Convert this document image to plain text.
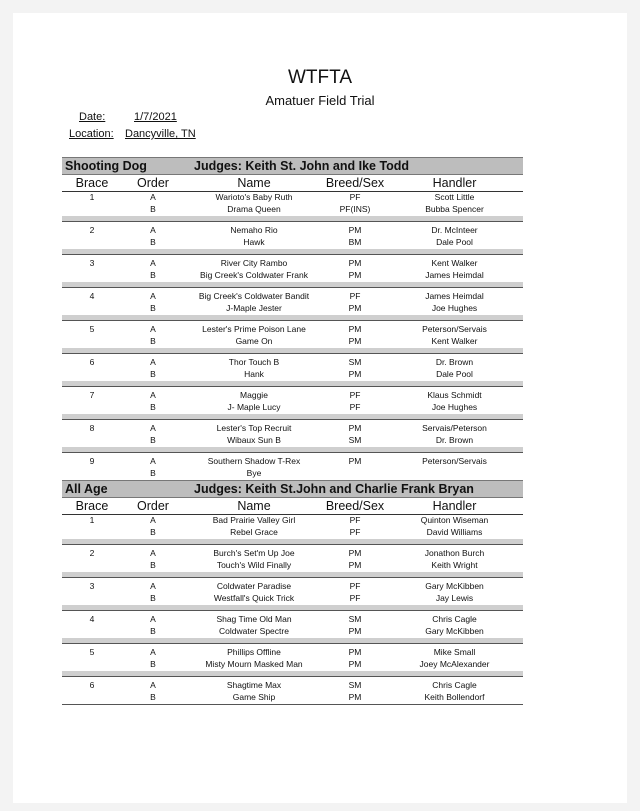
WTFTA
Amatuer Field Trial
Date:	1/7/2021
Location: Dancyville, TN
Shooting Dog	Judges: Keith St. John and Ike Todd
Brace	Order	Name	Breed/Sex	Handler
1	A	Warioto's Baby Ruth	PF	Scott Little
B	Drama Queen	PF(INS)	Bubba Spencer
2	A	Nemaho Rio	PM	Dr. McInteer
B	Hawk	BM	Dale Pool
3	A	River City Rambo	PM	Kent Walker
B	Big Creek's Coldwater Frank	PM	James Heimdal
4	A	Big Creek's Coldwater Bandit	PF	James Heimdal
B	J-Maple Jester	PM	Joe Hughes
5	A	Lester's Prime Poison Lane	PM	Peterson/Servais
B	Game On	PM	Kent Walker
6	A	Thor Touch B	SM	Dr. Brown
B	Hank	PM	Dale Pool
7	A	Maggie	PF	Klaus Schmidt
B	J- Maple Lucy	PF	Joe Hughes
8	A	Lester's Top Recruit	PM	Servais/Peterson
B	Wibaux Sun B	SM	Dr. Brown
9	A	Southern Shadow T-Rex	PM	Peterson/Servais
B	Bye
All Age	Judges: Keith St.John and Charlie Frank Bryan
Brace	Order	Name	Breed/Sex	Handler
1	A	Bad Prairie Valley Girl	PF	Quinton Wiseman
B	Rebel Grace	PF	David Williams
2	A	Burch's Set'm Up Joe	PM	Jonathon Burch
B	Touch's Wild Finally	PM	Keith Wright
3	A	Coldwater Paradise	PF	Gary McKibben
B	Westfall's Quick Trick	PF	Jay Lewis
4	A	Shag Time Old Man	SM	Chris Cagle
B	Coldwater Spectre	PM	Gary McKibben
5	A	Phillips Offline	PM	Mike Small
B	Misty Mourn Masked Man	PM	Joey McAlexander
6	A	Shagtime Max	SM	Chris Cagle
B	Game Ship	PM	Keith Bollendorf
